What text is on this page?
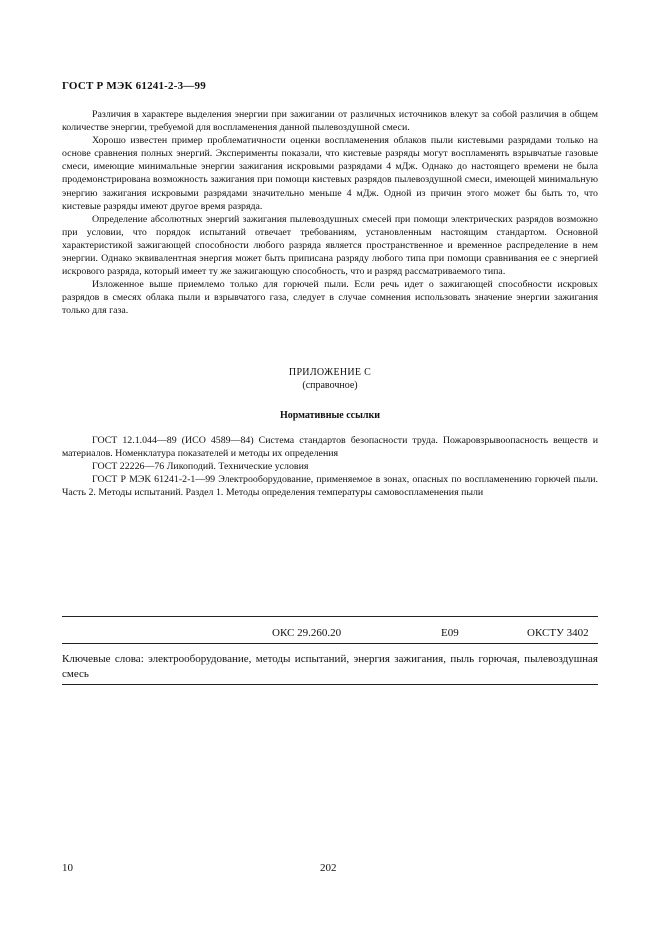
ГОСТ Р МЭК 61241-2-3—99

Различия в характере выделения энергии при зажигании от различных источников влекут за собой различия в общем количестве энергии, требуемой для воспламенения данной пылевоздушной смеси.

Хорошо известен пример проблематичности оценки воспламенения облаков пыли кистевыми разрядами только на основе сравнения полных энергий. Эксперименты показали, что кистевые разряды могут воспламенять взрывчатые газовые смеси, имеющие минимальные энергии зажигания искровыми разрядами 4 мДж. Однако до настоящего времени не была продемонстрирована возможность зажигания при помощи кистевых разрядов пылевоздушной смеси, имеющей минимальную энергию зажигания искровыми разрядами значительно меньше 4 мДж. Одной из причин этого может бы быть то, что кистевые разряды имеют другое время разряда.

Определение абсолютных энергий зажигания пылевоздушных смесей при помощи электрических разрядов возможно при условии, что порядок испытаний отвечает требованиям, установленным настоящим стандартом. Основной характеристикой зажигающей способности любого разряда является пространственное и временное распределение в нем энергии. Однако эквивалентная энергия может быть приписана разряду любого типа при помощи сравнивания ее с энергией искрового разряда, который имеет ту же зажигающую способность, что и разряд рассматриваемого типа.

Изложенное выше приемлемо только для горючей пыли. Если речь идет о зажигающей способности искровых разрядов в смесях облака пыли и взрывчатого газа, следует в случае сомнения использовать значение энергии зажигания только для газа.

ПРИЛОЖЕНИЕ С
(справочное)
Нормативные ссылки

ГОСТ 12.1.044—89 (ИСО 4589—84) Система стандартов безопасности труда. Пожаровзрывоопасность веществ и материалов. Номенклатура показателей и методы их определения

ГОСТ 22226—76 Ликоподий. Технические условия

ГОСТ Р МЭК 61241-2-1—99 Электрооборудование, применяемое в зонах, опасных по воспламенению горючей пыли. Часть 2. Методы испытаний. Раздел 1. Методы определения температуры самовоспламенения пыли

ОКС 29.260.20	Е09	ОКСТУ 3402
Ключевые слова: электрооборудование, методы испытаний, энергия зажигания, пыль горючая, пылевоздушная смесь
10	202
